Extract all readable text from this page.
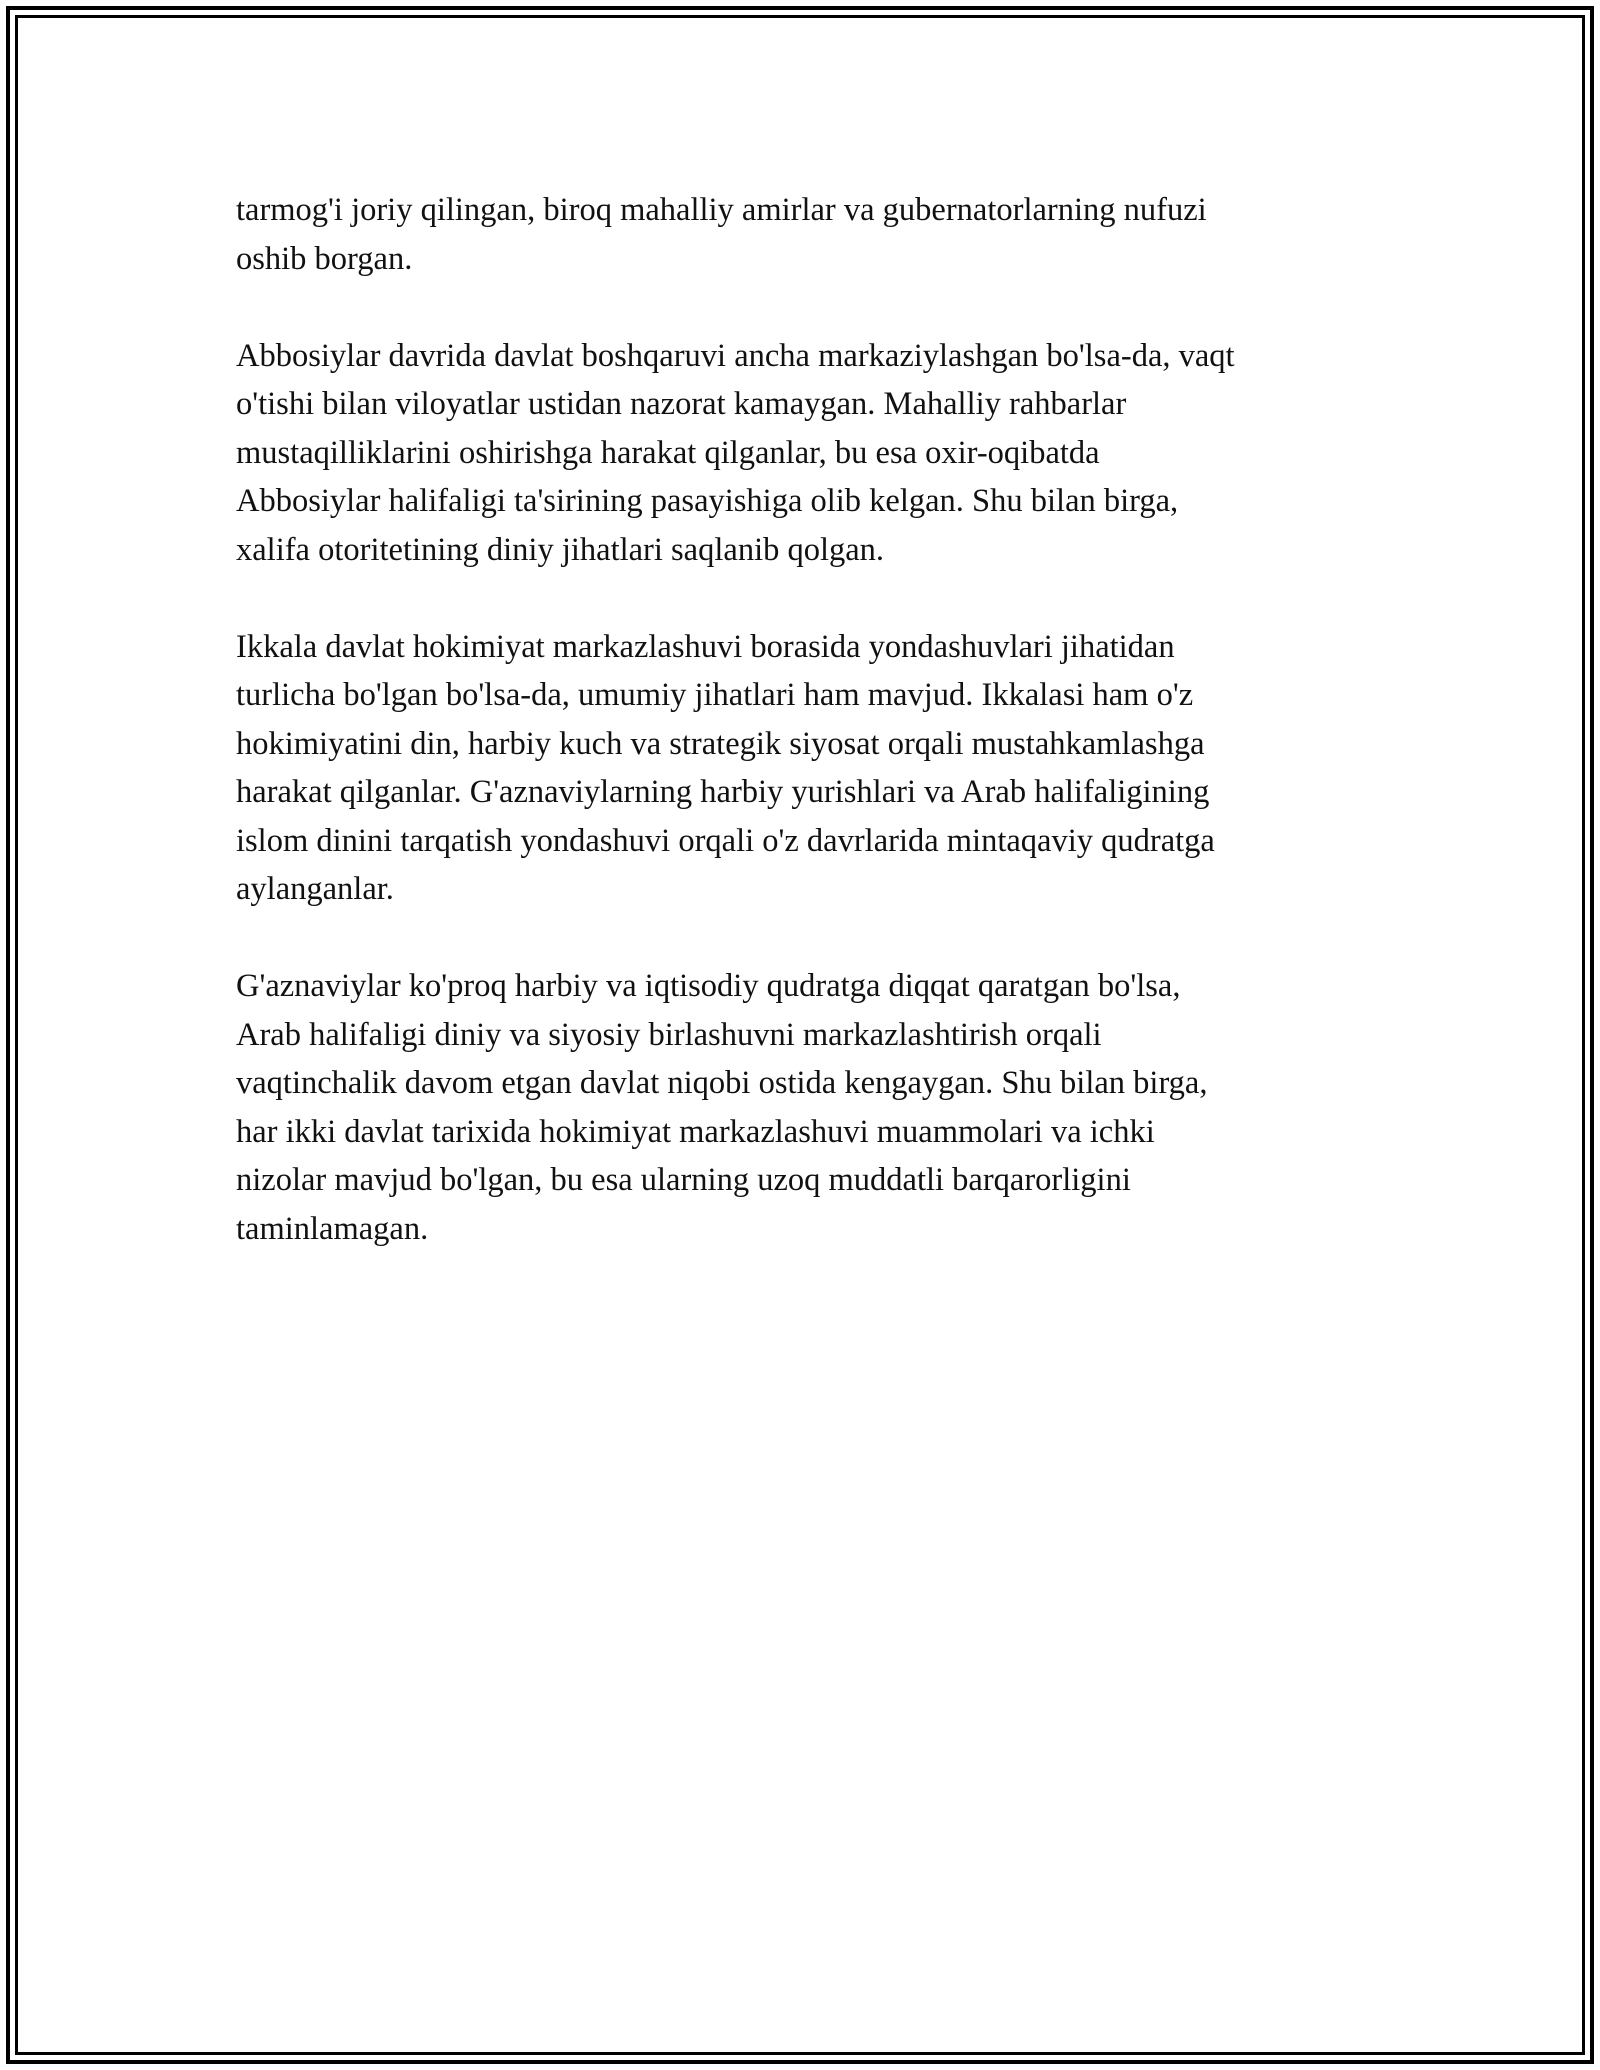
tarmog'i joriy qilingan, biroq mahalliy amirlar va gubernatorlarning nufuzi
oshib borgan.

Abbosiylar davrida davlat boshqaruvi ancha markaziylashgan bo'lsa-da, vaqt
o'tishi bilan viloyatlar ustidan nazorat kamaygan. Mahalliy rahbarlar
mustaqilliklarini oshirishga harakat qilganlar, bu esa oxir-oqibatda
Abbosiylar halifaligi ta'sirining pasayishiga olib kelgan. Shu bilan birga,
xalifa otoritetining diniy jihatlari saqlanib qolgan.

Ikkala davlat hokimiyat markazlashuvi borasida yondashuvlari jihatidan
turlicha bo'lgan bo'lsa-da, umumiy jihatlari ham mavjud. Ikkalasi ham o'z
hokimiyatini din, harbiy kuch va strategik siyosat orqali mustahkamlashga
harakat qilganlar. G'aznaviylarning harbiy yurishlari va Arab halifaligining
islom dinini tarqatish yondashuvi orqali o'z davrlarida mintaqaviy qudratga
aylanganlar.

G'aznaviylar ko'proq harbiy va iqtisodiy qudratga diqqat qaratgan bo'lsa,
Arab halifaligi diniy va siyosiy birlashuvni markazlashtirish orqali
vaqtinchalik davom etgan davlat niqobi ostida kengaygan. Shu bilan birga,
har ikki davlat tarixida hokimiyat markazlashuvi muammolari va ichki
nizolar mavjud bo'lgan, bu esa ularning uzoq muddatli barqarorligini
taminlamagan.
